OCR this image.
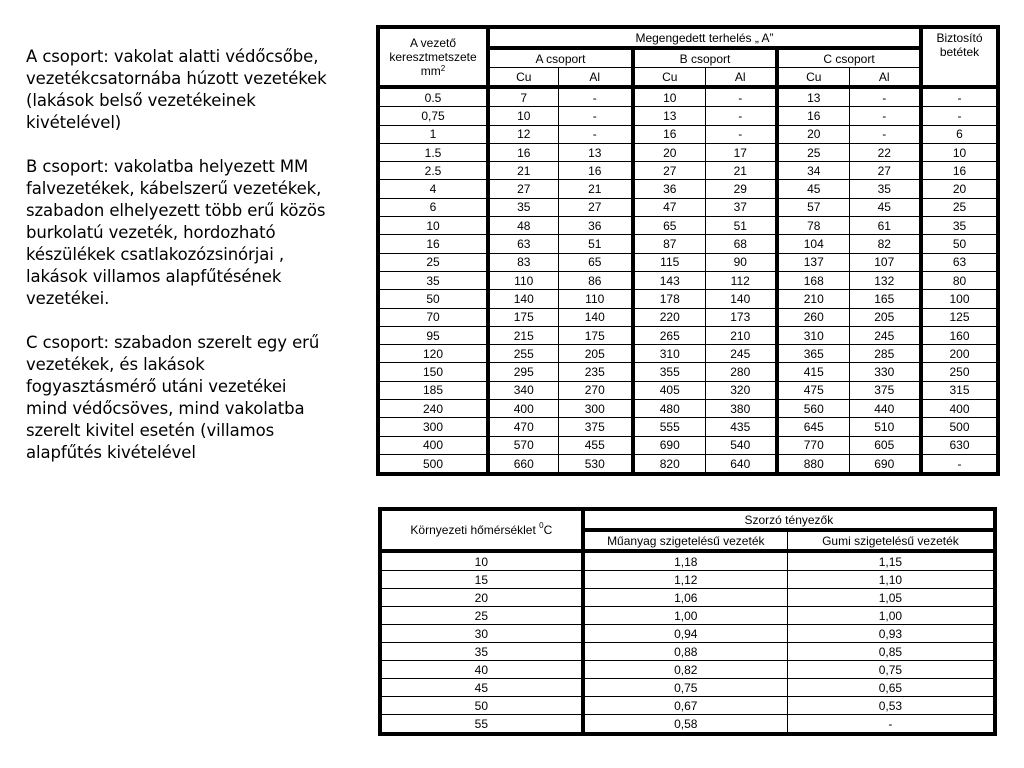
A csoport: vakolat alatti védőcsőbe,
vezetékcsatornába húzott vezetékek
(lakások belső vezetékeinek
kivételével)

B csoport: vakolatba helyezett MM
falvezetékek, kábelszerű vezetékek,
szabadon elhelyezett több erű közös
burkolatú vezeték, hordozható
készülékek csatlakozózsinórjai ,
lakások villamos alapfűtésének
vezetékei.

C csoport: szabadon szerelt egy erű
vezetékek, és lakások
fogyasztásmérő utáni vezetékei
mind védőcsöves, mind vakolatba
szerelt kivitel esetén (villamos
alapfűtés kivételével

A vezető
keresztmetszete
$mm^2$	Megengedett terhelés „ A”						Biztosító
betétek
	A csoport		B csoport		C csoport		
	Cu	Al	Cu	Al	Cu	Al	
0.5	7	-	10	-	13	-	-
0,75	10	-	13	-	16	-	-
1	12	-	16	-	20	-	6
1.5	16	13	20	17	25	22	10
2.5	21	16	27	21	34	27	16
4	27	21	36	29	45	35	20
6	35	27	47	37	57	45	25
10	48	36	65	51	78	61	35
16	63	51	87	68	104	82	50
25	83	65	115	90	137	107	63
35	110	86	143	112	168	132	80
50	140	110	178	140	210	165	100
70	175	140	220	173	260	205	125
95	215	175	265	210	310	245	160
120	255	205	310	245	365	285	200
150	295	235	355	280	415	330	250
185	340	270	405	320	475	375	315
240	400	300	480	380	560	440	400
300	470	375	555	435	645	510	500
400	570	455	690	540	770	605	630
500	660	530	820	640	880	690	-
Környezeti hőmérséklet $^0$C	Szorzó tényezők	
	Műanyag szigetelésű vezeték	Gumi szigetelésű vezeték
10	1,18	1,15
15	1,12	1,10
20	1,06	1,05
25	1,00	1,00
30	0,94	0,93
35	0,88	0,85
40	0,82	0,75
45	0,75	0,65
50	0,67	0,53
55	0,58	-
